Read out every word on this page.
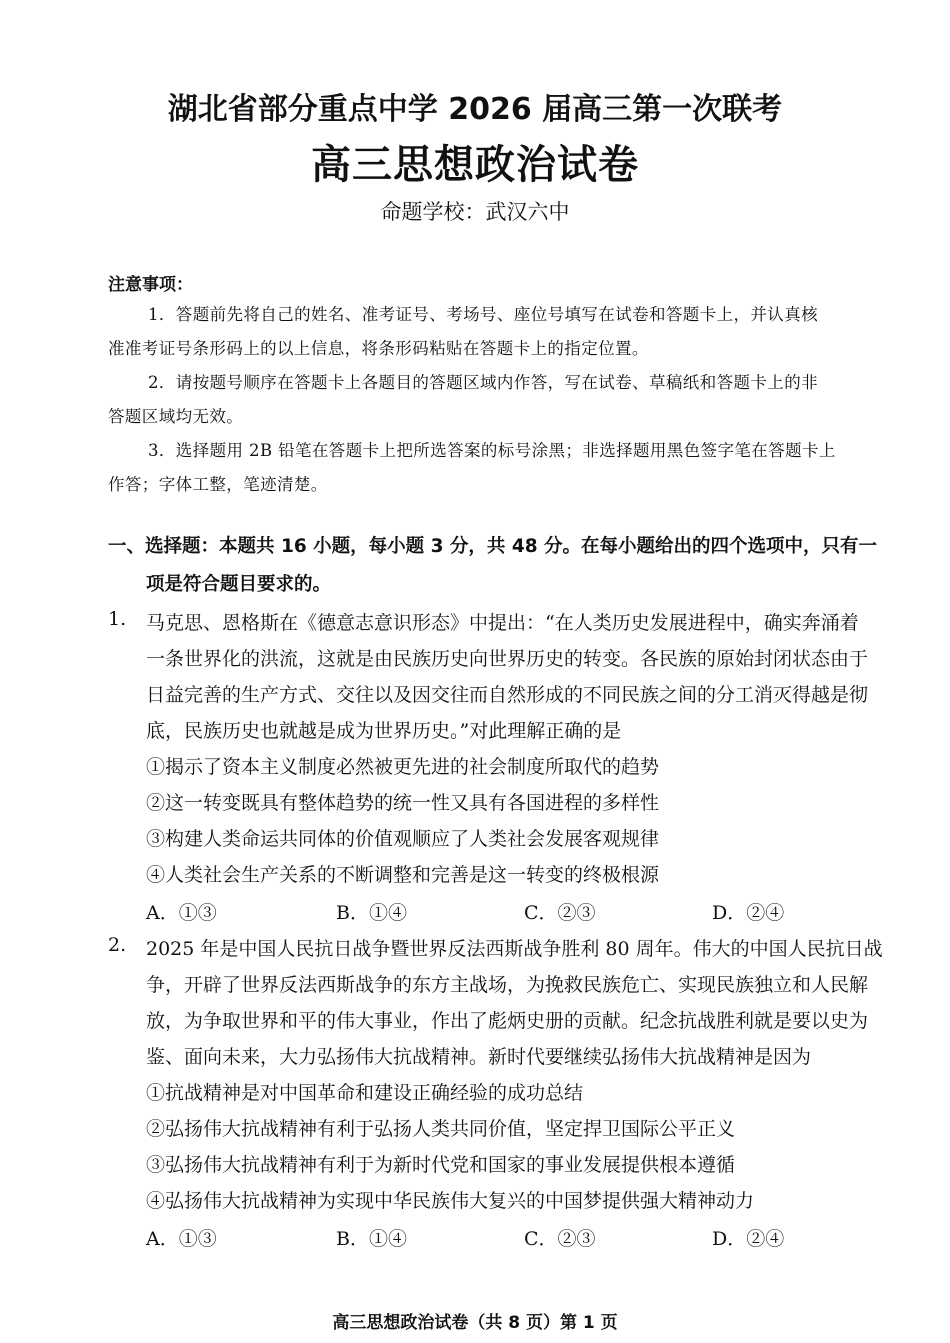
湖北省部分重点中学 2026 届高三第一次联考
高三思想政治试卷
命题学校：武汉六中
注意事项：
1．答题前先将自己的姓名、准考证号、考场号、座位号填写在试卷和答题卡上，并认真核
准准考证号条形码上的以上信息，将条形码粘贴在答题卡上的指定位置。
2．请按题号顺序在答题卡上各题目的答题区域内作答，写在试卷、草稿纸和答题卡上的非
答题区域均无效。
3．选择题用 2B 铅笔在答题卡上把所选答案的标号涂黑；非选择题用黑色签字笔在答题卡上
作答；字体工整，笔迹清楚。
一、选择题：本题共 16 小题，每小题 3 分，共 48 分。在每小题给出的四个选项中，只有一
项是符合题目要求的。
1. 马克思、恩格斯在《德意志意识形态》中提出：“在人类历史发展进程中，确实奔涌着
一条世界化的洪流，这就是由民族历史向世界历史的转变。各民族的原始封闭状态由于
日益完善的生产方式、交往以及因交往而自然形成的不同民族之间的分工消灭得越是彻
底，民族历史也就越是成为世界历史。”对此理解正确的是
①揭示了资本主义制度必然被更先进的社会制度所取代的趋势
②这一转变既具有整体趋势的统一性又具有各国进程的多样性
③构建人类命运共同体的价值观顺应了人类社会发展客观规律
④人类社会生产关系的不断调整和完善是这一转变的终极根源
A．①③	B．①④	C．②③	D．②④
2. 2025 年是中国人民抗日战争暨世界反法西斯战争胜利 80 周年。伟大的中国人民抗日战
争，开辟了世界反法西斯战争的东方主战场，为挽救民族危亡、实现民族独立和人民解
放，为争取世界和平的伟大事业，作出了彪炳史册的贡献。纪念抗战胜利就是要以史为
鉴、面向未来，大力弘扬伟大抗战精神。新时代要继续弘扬伟大抗战精神是因为
①抗战精神是对中国革命和建设正确经验的成功总结
②弘扬伟大抗战精神有利于弘扬人类共同价值，坚定捍卫国际公平正义
③弘扬伟大抗战精神有利于为新时代党和国家的事业发展提供根本遵循
④弘扬伟大抗战精神为实现中华民族伟大复兴的中国梦提供强大精神动力
A．①③	B．①④	C．②③	D．②④
高三思想政治试卷（共 8 页）第 1 页
